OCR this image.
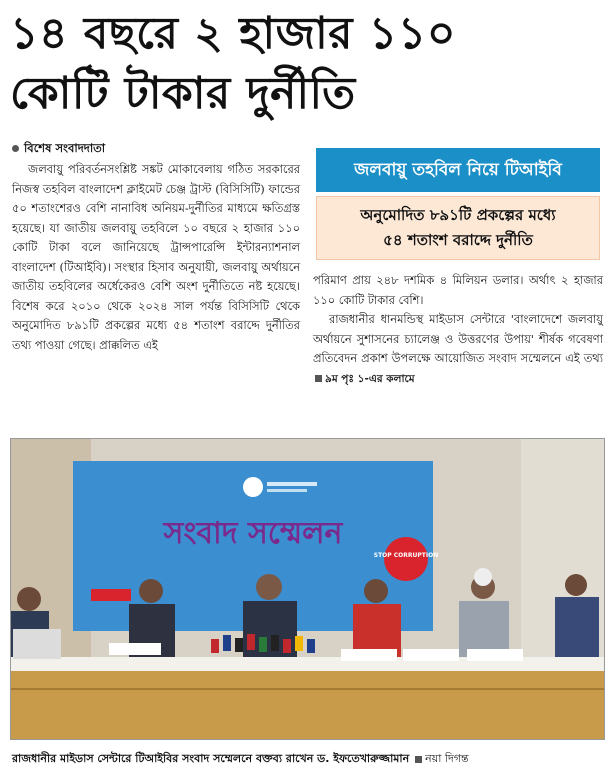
১৪ বছরে ২ হাজার ১১০
কোটি টাকার দুর্নীতি
বিশেষ সংবাদদাতা

জলবায়ু পরিবর্তনসংশ্লিষ্ট সঙ্কট মোকাবেলায় গঠিত সরকারের নিজস্ব তহবিল বাংলাদেশ ক্লাইমেট চেঞ্জ ট্রাস্ট (বিসিসিটি) ফান্ডের ৫০ শতাংশেরও বেশি নানাবিধ অনিয়ম-দুর্নীতির মাধ্যমে ক্ষতিগ্রস্ত হয়েছে। যা জাতীয় জলবায়ু তহবিলে ১০ বছরে ২ হাজার ১১০ কোটি টাকা বলে জানিয়েছে ট্রান্সপারেন্সি ইন্টারন্যাশনাল বাংলাদেশ (টিআইবি)। সংস্থার হিসাব অনুযায়ী, জলবায়ু অর্থায়নে জাতীয় তহবিলের অর্ধেকেরও বেশি অংশ দুর্নীতিতে নষ্ট হয়েছে। বিশেষ করে ২০১০ থেকে ২০২৪ সাল পর্যন্ত বিসিসিটি থেকে অনুমোদিত ৮৯১টি প্রকল্পের মধ্যে ৫৪ শতাংশ বরাদ্দে দুর্নীতির তথ্য পাওয়া গেছে। প্রাক্কলিত এই

জলবায়ু তহবিল নিয়ে টিআইবি
অনুমোদিত ৮৯১টি প্রকল্পের মধ্যে
৫৪ শতাংশ বরাদ্দে দুর্নীতি

পরিমাণ প্রায় ২৪৮ দশমিক ৪ মিলিয়ন ডলার। অর্থাৎ ২ হাজার ১১০ কোটি টাকার বেশি।

রাজধানীর ধানমন্ডিস্থ মাইডাস সেন্টারে 'বাংলাদেশে জলবায়ু অর্থায়নে সুশাসনের চ্যালেঞ্জ ও উত্তরণের উপায়' শীর্ষক গবেষণা প্রতিবেদন প্রকাশ উপলক্ষে আয়োজিত সংবাদ সম্মেলনে এই তথ্য ৯ম পৃঃ ১-এর কলামে

সংবাদ সম্মেলন
STOP CORRUPTION
রাজধানীর মাইডাস সেন্টারে টিআইবির সংবাদ সম্মেলনে বক্তব্য রাখেন ড. ইফতেখারুজ্জামান নয়া দিগন্ত
